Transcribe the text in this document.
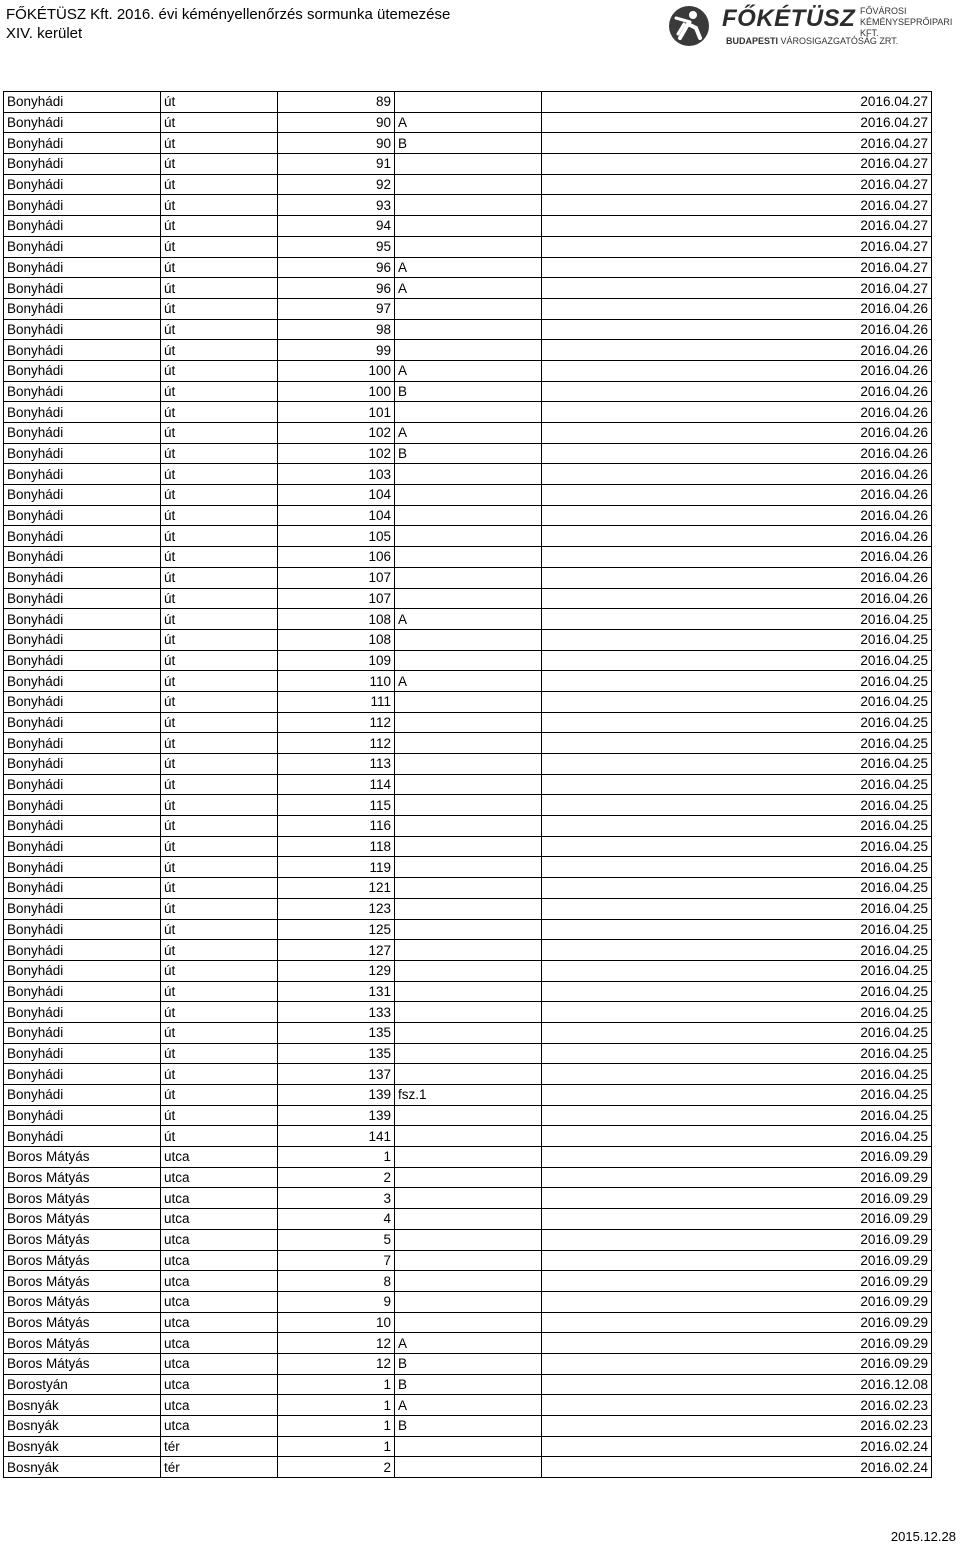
FŐKÉTÜSZ Kft. 2016. évi kéményellenőrzés sormunka ütemezése
XIV. kerület
FŐKÉTÜSZ FŐVÁROSI
KÉMÉNYSEPRŐIPARI KFT.
BUDAPESTI VÁROSIGAZGATÓSÁG ZRT.
Bonyhádi	út	89		2016.04.27
Bonyhádi	út	90	A	2016.04.27
Bonyhádi	út	90	B	2016.04.27
Bonyhádi	út	91		2016.04.27
Bonyhádi	út	92		2016.04.27
Bonyhádi	út	93		2016.04.27
Bonyhádi	út	94		2016.04.27
Bonyhádi	út	95		2016.04.27
Bonyhádi	út	96	A	2016.04.27
Bonyhádi	út	96	A	2016.04.27
Bonyhádi	út	97		2016.04.26
Bonyhádi	út	98		2016.04.26
Bonyhádi	út	99		2016.04.26
Bonyhádi	út	100	A	2016.04.26
Bonyhádi	út	100	B	2016.04.26
Bonyhádi	út	101		2016.04.26
Bonyhádi	út	102	A	2016.04.26
Bonyhádi	út	102	B	2016.04.26
Bonyhádi	út	103		2016.04.26
Bonyhádi	út	104		2016.04.26
Bonyhádi	út	104		2016.04.26
Bonyhádi	út	105		2016.04.26
Bonyhádi	út	106		2016.04.26
Bonyhádi	út	107		2016.04.26
Bonyhádi	út	107		2016.04.26
Bonyhádi	út	108	A	2016.04.25
Bonyhádi	út	108		2016.04.25
Bonyhádi	út	109		2016.04.25
Bonyhádi	út	110	A	2016.04.25
Bonyhádi	út	111		2016.04.25
Bonyhádi	út	112		2016.04.25
Bonyhádi	út	112		2016.04.25
Bonyhádi	út	113		2016.04.25
Bonyhádi	út	114		2016.04.25
Bonyhádi	út	115		2016.04.25
Bonyhádi	út	116		2016.04.25
Bonyhádi	út	118		2016.04.25
Bonyhádi	út	119		2016.04.25
Bonyhádi	út	121		2016.04.25
Bonyhádi	út	123		2016.04.25
Bonyhádi	út	125		2016.04.25
Bonyhádi	út	127		2016.04.25
Bonyhádi	út	129		2016.04.25
Bonyhádi	út	131		2016.04.25
Bonyhádi	út	133		2016.04.25
Bonyhádi	út	135		2016.04.25
Bonyhádi	út	135		2016.04.25
Bonyhádi	út	137		2016.04.25
Bonyhádi	út	139	fsz.1	2016.04.25
Bonyhádi	út	139		2016.04.25
Bonyhádi	út	141		2016.04.25
Boros Mátyás	utca	1		2016.09.29
Boros Mátyás	utca	2		2016.09.29
Boros Mátyás	utca	3		2016.09.29
Boros Mátyás	utca	4		2016.09.29
Boros Mátyás	utca	5		2016.09.29
Boros Mátyás	utca	7		2016.09.29
Boros Mátyás	utca	8		2016.09.29
Boros Mátyás	utca	9		2016.09.29
Boros Mátyás	utca	10		2016.09.29
Boros Mátyás	utca	12	A	2016.09.29
Boros Mátyás	utca	12	B	2016.09.29
Borostyán	utca	1	B	2016.12.08
Bosnyák	utca	1	A	2016.02.23
Bosnyák	utca	1	B	2016.02.23
Bosnyák	tér	1		2016.02.24
Bosnyák	tér	2		2016.02.24
2015.12.28
